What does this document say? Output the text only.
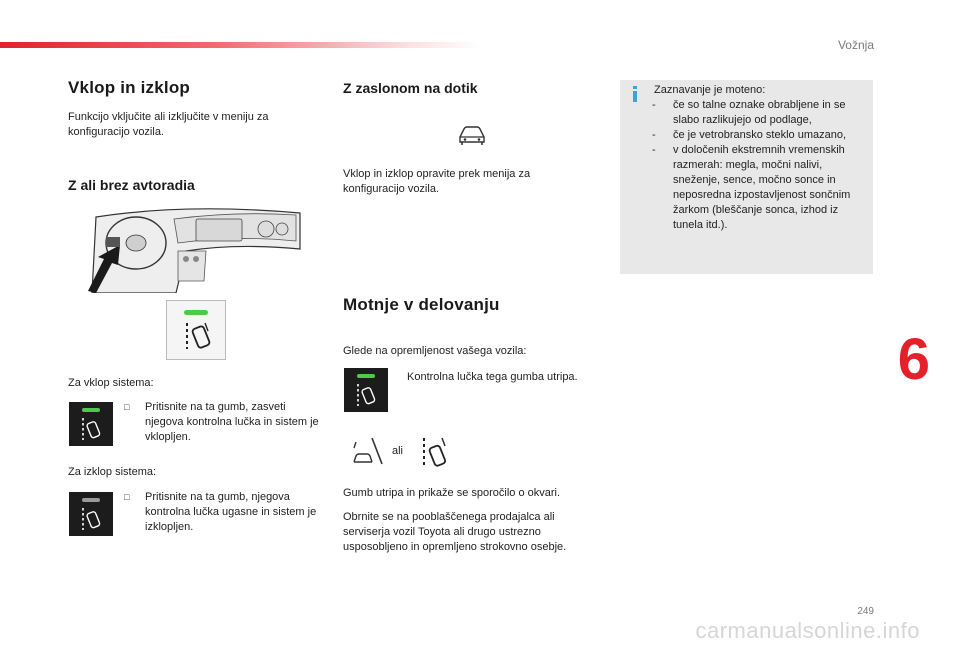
Vožnja
Vklop in izklop
Funkcijo vključite ali izključite v meniju za konfiguracijo vozila.
Z ali brez avtoradia
Za vklop sistema:
□ Pritisnite na ta gumb, zasveti njegova kontrolna lučka in sistem je vklopljen.
Za izklop sistema:
□ Pritisnite na ta gumb, njegova kontrolna lučka ugasne in sistem je izklopljen.
Z zaslonom na dotik
Vklop in izklop opravite prek menija za konfiguracijo vozila.
Motnje v delovanju
Glede na opremljenost vašega vozila:
Kontrolna lučka tega gumba utripa.
ali
Gumb utripa in prikaže se sporočilo o okvari.
Obrnite se na pooblaščenega prodajalca ali serviserja vozil Toyota ali drugo ustrezno usposobljeno in opremljeno strokovno osebje.
Zaznavanje je moteno:
-	če so talne oznake obrabljene in se slabo razlikujejo od podlage,
-	če je vetrobransko steklo umazano,
-	v določenih ekstremnih vremenskih razmerah: megla, močni nalivi, sneženje, sence, močno sonce in neposredna izpostavljenost sončnim žarkom (bleščanje sonca, izhod iz tunela itd.).
6
249
carmanualsonline.info
